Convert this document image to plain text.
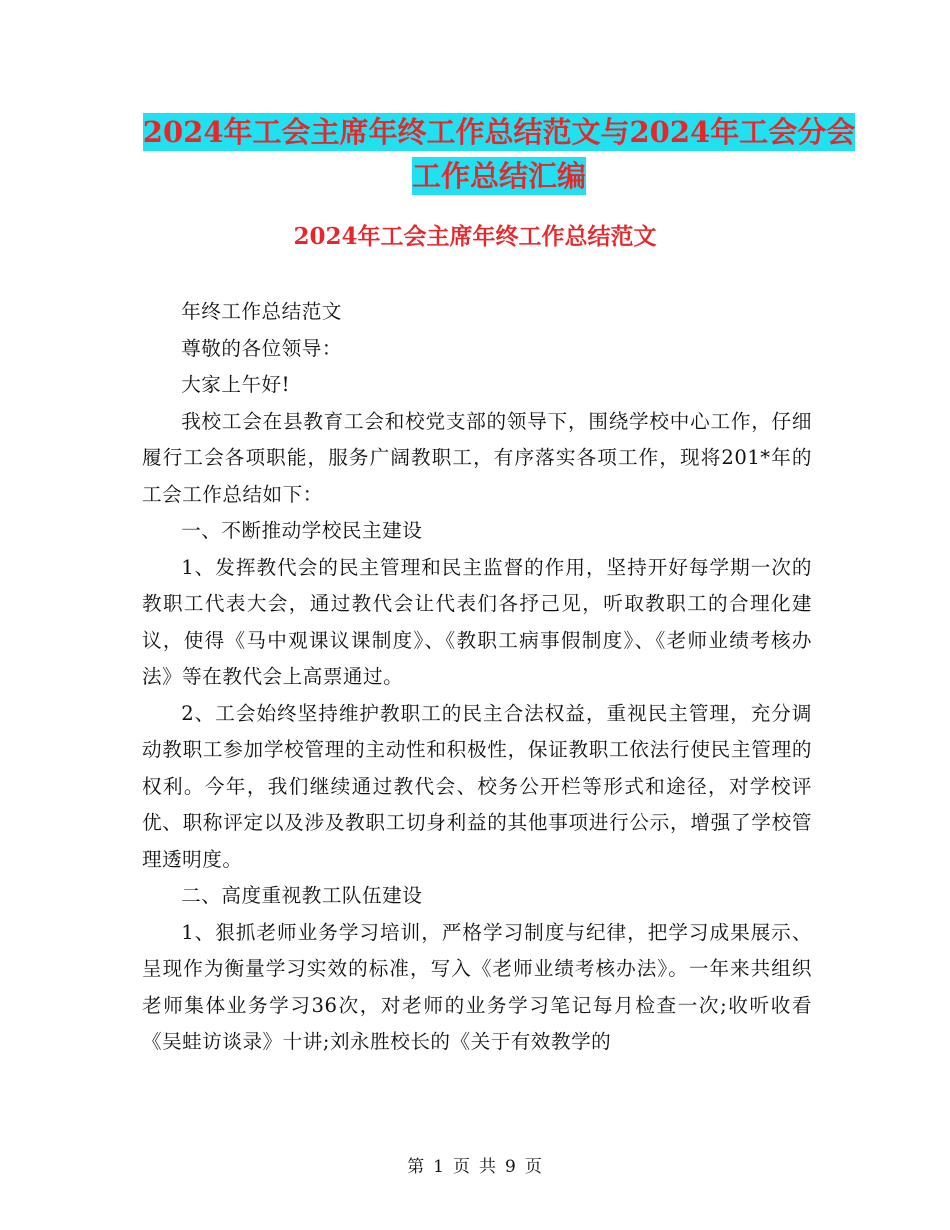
2024年工会主席年终工作总结范文与2024年工会分会
工作总结汇编
2024年工会主席年终工作总结范文

年终工作总结范文

尊敬的各位领导：

大家上午好!

我校工会在县教育工会和校党支部的领导下，围绕学校中心工作，仔细履行工会各项职能，服务广阔教职工，有序落实各项工作，现将201*年的工会工作总结如下：

一、不断推动学校民主建设

1、发挥教代会的民主管理和民主监督的作用，坚持开好每学期一次的教职工代表大会，通过教代会让代表们各抒己见，听取教职工的合理化建议，使得《马中观课议课制度》、《教职工病事假制度》、《老师业绩考核办法》等在教代会上高票通过。

2、工会始终坚持维护教职工的民主合法权益，重视民主管理，充分调动教职工参加学校管理的主动性和积极性，保证教职工依法行使民主管理的权利。今年，我们继续通过教代会、校务公开栏等形式和途径，对学校评优、职称评定以及涉及教职工切身利益的其他事项进行公示，增强了学校管理透明度。

二、高度重视教工队伍建设

1、狠抓老师业务学习培训，严格学习制度与纪律，把学习成果展示、呈现作为衡量学习实效的标准，写入《老师业绩考核办法》。一年来共组织老师集体业务学习36次，对老师的业务学习笔记每月检查一次;收听收看《吴蛙访谈录》十讲;刘永胜校长的《关于有效教学的

第 1 页 共 9 页
